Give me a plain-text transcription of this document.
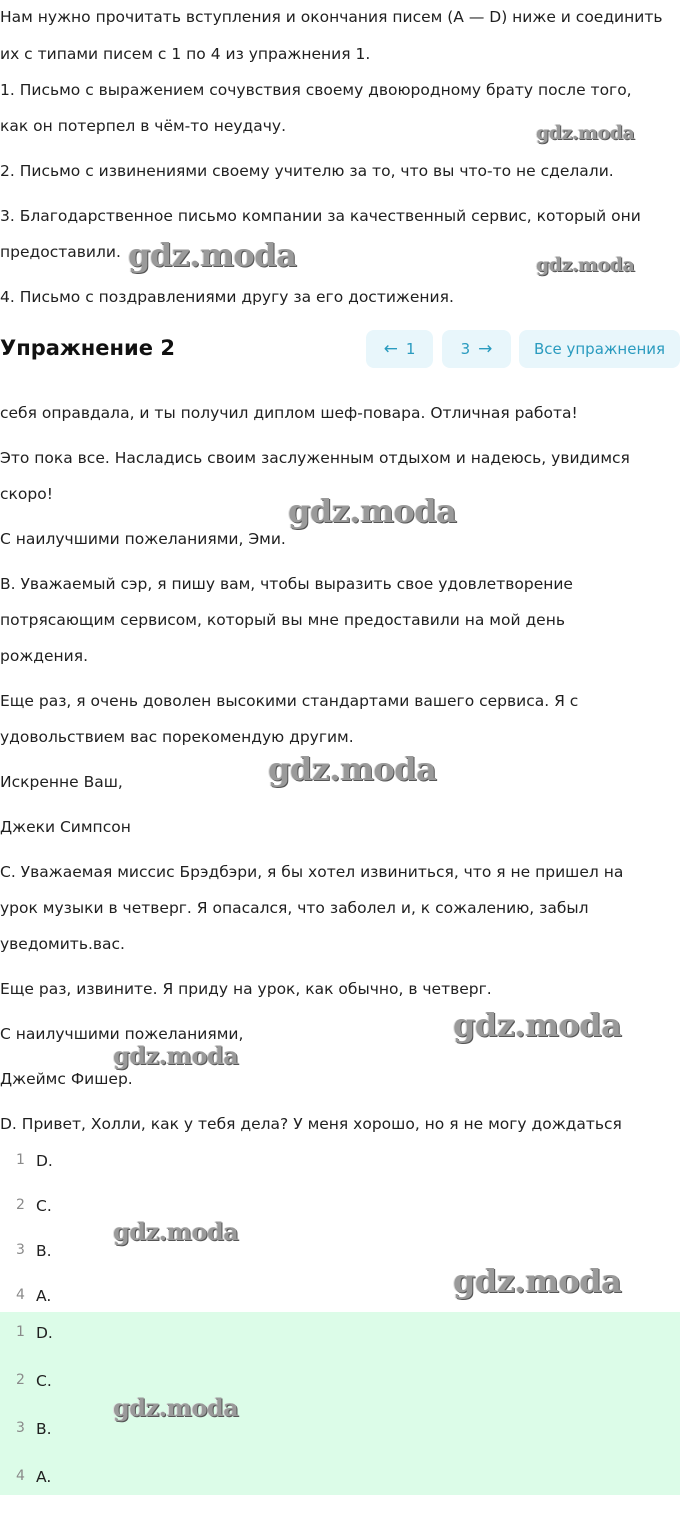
Нам нужно прочитать вступления и окончания писем (A — D) ниже и соединить
их с типами писем с 1 по 4 из упражнения 1.
1. Письмо с выражением сочувствия своему двоюродному брату после того,
как он потерпел в чём-то неудачу.
2. Письмо с извинениями своему учителю за то, что вы что-то не сделали.
3. Благодарственное письмо компании за качественный сервис, который они
предоставили.
4. Письмо с поздравлениями другу за его достижения.
Упражнение 2	← 1	3 →	Все упражнения
себя оправдала, и ты получил диплом шеф-повара. Отличная работа!
Это пока все. Насладись своим заслуженным отдыхом и надеюсь, увидимся
скоро!
С наилучшими пожеланиями, Эми.
В. Уважаемый сэр, я пишу вам, чтобы выразить свое удовлетворение
потрясающим сервисом, который вы мне предоставили на мой день
рождения.
Еще раз, я очень доволен высокими стандартами вашего сервиса. Я с
удовольствием вас порекомендую другим.
Искренне Ваш,
Джеки Симпсон
С. Уважаемая миссис Брэдбэри, я бы хотел извиниться, что я не пришел на
урок музыки в четверг. Я опасался, что заболел и, к сожалению, забыл
уведомить.вас.
Еще раз, извините. Я приду на урок, как обычно, в четверг.
С наилучшими пожеланиями,
Джеймс Фишер.
D. Привет, Холли, как у тебя дела? У меня хорошо, но я не могу дождаться
1 D.
2 C.
3 B.
4 A.
1 D.
2 C.
3 B.
4 A.
gdz.moda
gdz.moda	gdz.moda
gdz.moda
gdz.moda
gdz.moda
gdz.moda
gdz.moda
gdz.moda
gdz.moda
